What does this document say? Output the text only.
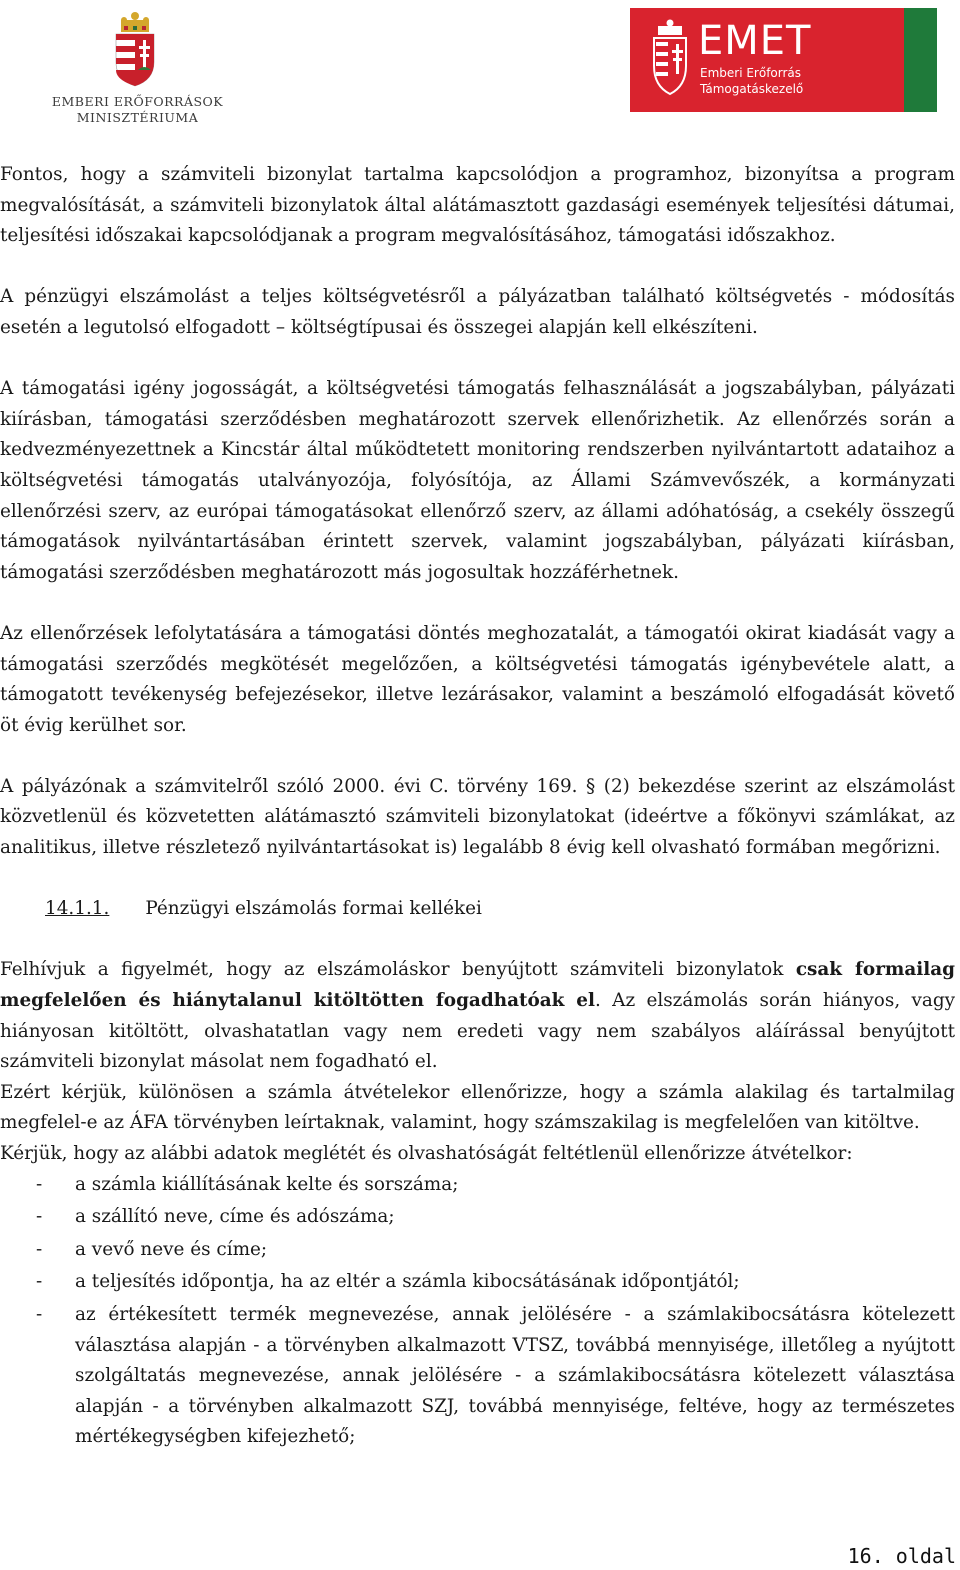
EMBERI ERŐFORRÁSOK
MINISZTÉRIUMA
EMET
Emberi Erőforrás
Támogatáskezelő

Fontos, hogy a számviteli bizonylat tartalma kapcsolódjon a programhoz, bizonyítsa a program megvalósítását, a számviteli bizonylatok által alátámasztott gazdasági események teljesítési dátumai, teljesítési időszakai kapcsolódjanak a program megvalósításához, támogatási időszakhoz.

A pénzügyi elszámolást a teljes költségvetésről a pályázatban található költségvetés - módosítás esetén a legutolsó elfogadott – költségtípusai és összegei alapján kell elkészíteni.

A támogatási igény jogosságát, a költségvetési támogatás felhasználását a jogszabályban, pályázati kiírásban, támogatási szerződésben meghatározott szervek ellenőrizhetik. Az ellenőrzés során a kedvezményezettnek a Kincstár által működtetett monitoring rendszerben nyilvántartott adataihoz a költségvetési támogatás utalványozója, folyósítója, az Állami Számvevőszék, a kormányzati ellenőrzési szerv, az európai támogatásokat ellenőrző szerv, az állami adóhatóság, a csekély összegű támogatások nyilvántartásában érintett szervek, valamint jogszabályban, pályázati kiírásban, támogatási szerződésben meghatározott más jogosultak hozzáférhetnek.

Az ellenőrzések lefolytatására a támogatási döntés meghozatalát, a támogatói okirat kiadását vagy a támogatási szerződés megkötését megelőzően, a költségvetési támogatás igénybevétele alatt, a támogatott tevékenység befejezésekor, illetve lezárásakor, valamint a beszámoló elfogadását követő öt évig kerülhet sor.

A pályázónak a számvitelről szóló 2000. évi C. törvény 169. § (2) bekezdése szerint az elszámolást közvetlenül és közvetetten alátámasztó számviteli bizonylatokat (ideértve a főkönyvi számlákat, az analitikus, illetve részletező nyilvántartásokat is) legalább 8 évig kell olvasható formában megőrizni.

14.1.1. Pénzügyi elszámolás formai kellékei

Felhívjuk a figyelmét, hogy az elszámoláskor benyújtott számviteli bizonylatok csak formailag megfelelően és hiánytalanul kitöltötten fogadhatóak el. Az elszámolás során hiányos, vagy hiányosan kitöltött, olvashatatlan vagy nem eredeti vagy nem szabályos aláírással benyújtott számviteli bizonylat másolat nem fogadható el.

Ezért kérjük, különösen a számla átvételekor ellenőrizze, hogy a számla alakilag és tartalmilag megfelel-e az ÁFA törvényben leírtaknak, valamint, hogy számszakilag is megfelelően van kitöltve.

Kérjük, hogy az alábbi adatok meglétét és olvashatóságát feltétlenül ellenőrizze átvételkor:

- a számla kiállításának kelte és sorszáma;
- a szállító neve, címe és adószáma;
- a vevő neve és címe;
- a teljesítés időpontja, ha az eltér a számla kibocsátásának időpontjától;
- az értékesített termék megnevezése, annak jelölésére - a számlakibocsátásra kötelezett választása alapján - a törvényben alkalmazott VTSZ, továbbá mennyisége, illetőleg a nyújtott szolgáltatás megnevezése, annak jelölésére - a számlakibocsátásra kötelezett választása alapján - a törvényben alkalmazott SZJ, továbbá mennyisége, feltéve, hogy az természetes mértékegységben kifejezhető;
16. oldal
